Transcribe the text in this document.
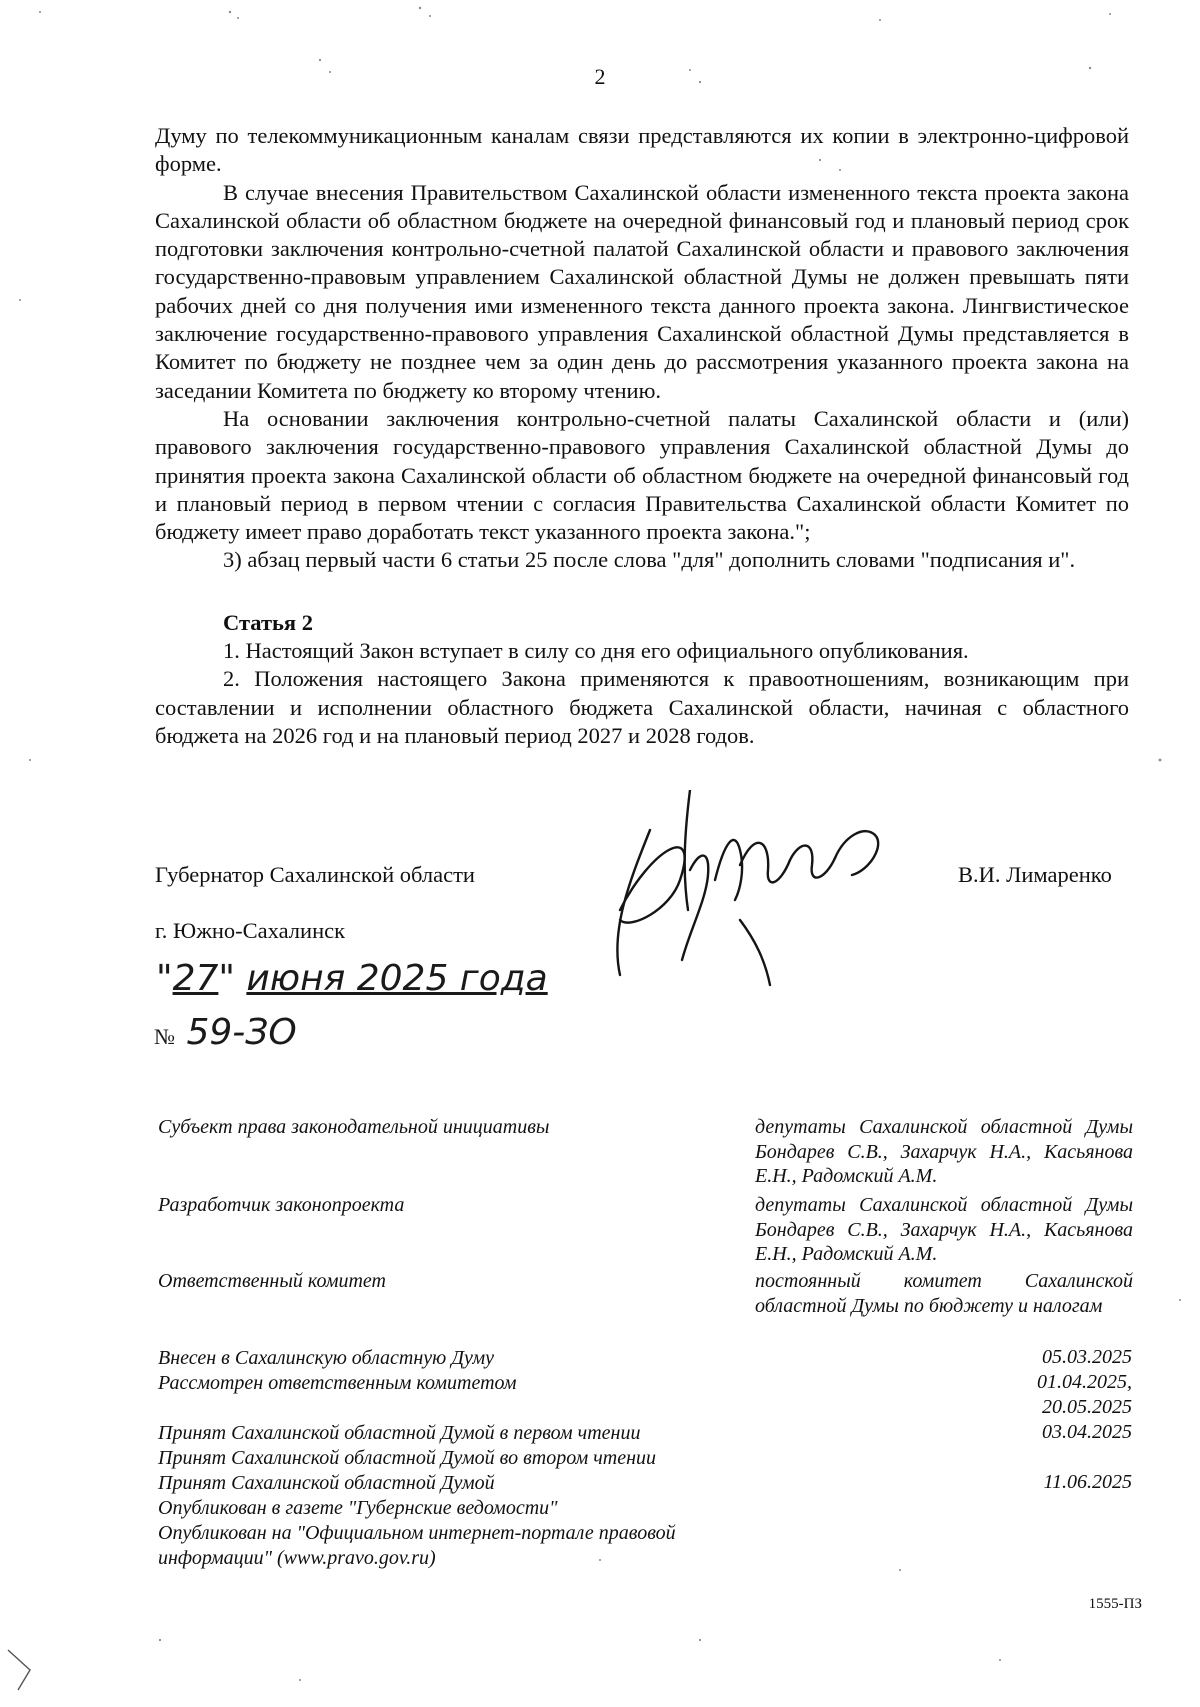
2

Думу по телекоммуникационным каналам связи представляются их копии в электронно-цифровой форме.

В случае внесения Правительством Сахалинской области измененного текста проекта закона Сахалинской области об областном бюджете на очередной финансовый год и плановый период срок подготовки заключения контрольно-счетной палатой Сахалинской области и правового заключения государственно-правовым управлением Сахалинской областной Думы не должен превышать пяти рабочих дней со дня получения ими измененного текста данного проекта закона. Лингвистическое заключение государственно-правового управления Сахалинской областной Думы представляется в Комитет по бюджету не позднее чем за один день до рассмотрения указанного проекта закона на заседании Комитета по бюджету ко второму чтению.

На основании заключения контрольно-счетной палаты Сахалинской области и (или) правового заключения государственно-правового управления Сахалинской областной Думы до принятия проекта закона Сахалинской области об областном бюджете на очередной финансовый год и плановый период в первом чтении с согласия Правительства Сахалинской области Комитет по бюджету имеет право доработать текст указанного проекта закона.";

3) абзац первый части 6 статьи 25 после слова "для" дополнить словами "подписания и".

Статья 2

1. Настоящий Закон вступает в силу со дня его официального опубликования.

2. Положения настоящего Закона применяются к правоотношениям, возникающим при составлении и исполнении областного бюджета Сахалинской области, начиная с областного бюджета на 2026 год и на плановый период 2027 и 2028 годов.

Губернатор Сахалинской области	В.И. Лимаренко
г. Южно-Сахалинск
"27" июня 2025 года
№ 59-ЗО
Субъект права законодательной инициативы	депутаты Сахалинской областной Думы Бондарев С.В., Захарчук Н.А., Касьянова Е.Н., Радомский А.М.
Разработчик законопроекта	депутаты Сахалинской областной Думы Бондарев С.В., Захарчук Н.А., Касьянова Е.Н., Радомский А.М.
Ответственный комитет	постоянный комитет Сахалинской областной Думы по бюджету и налогам
Внесен в Сахалинскую областную Думу	05.03.2025
Рассмотрен ответственным комитетом	01.04.2025,
20.05.2025
Принят Сахалинской областной Думой в первом чтении	03.04.2025
Принят Сахалинской областной Думой во втором чтении
Принят Сахалинской областной Думой	11.06.2025
Опубликован в газете "Губернские ведомости"
Опубликован на "Официальном интернет-портале правовой информации" (www.pravo.gov.ru)
1555-ПЗ
